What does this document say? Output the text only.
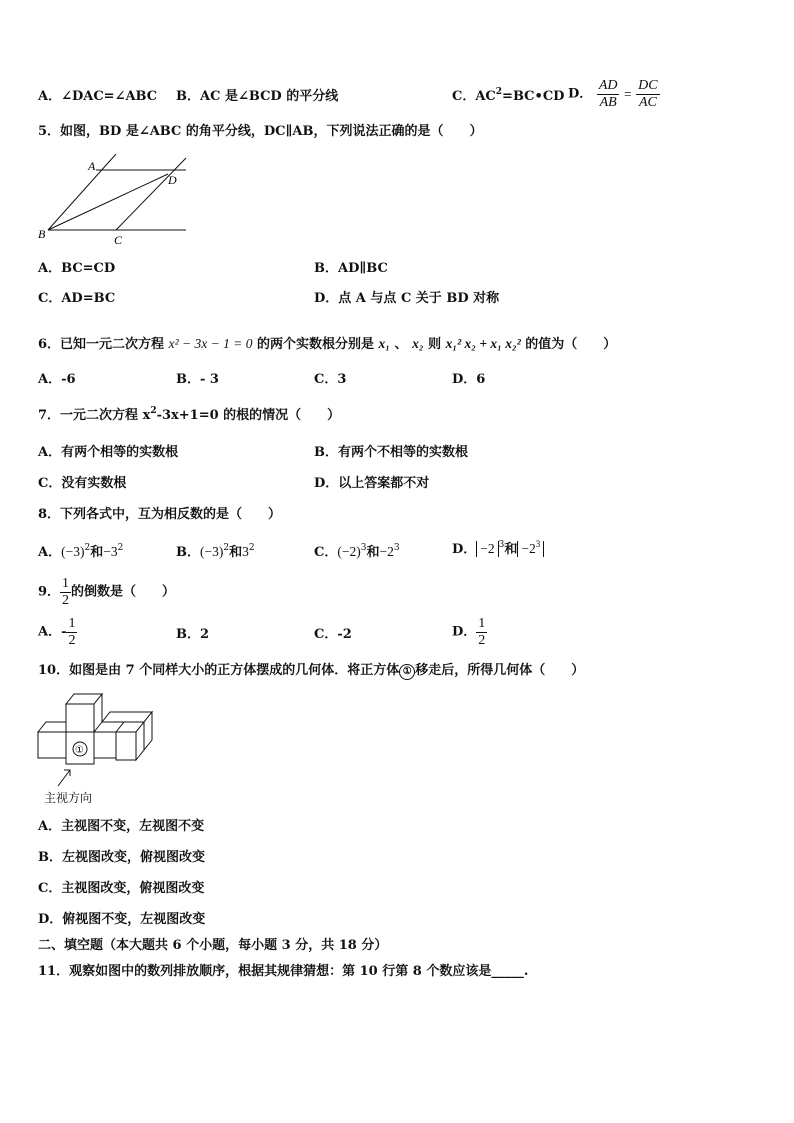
A．∠DAC=∠ABC B．AC 是∠BCD 的平分线	C．$AC^2=BC•CD$ D． $\frac{AD}{AB} = \frac{DC}{AC}$
5．如图，BD 是∠ABC 的角平分线，DC∥AB，下列说法正确的是（　　）
A
B	C
D
A．BC=CD	B．AD∥BC
C．AD=BC	D．点 A 与点 C 关于 BD 对称
6．已知一元二次方程 x² − 3x − 1 = 0 的两个实数根分别是 x₁ 、 x₂ 则 x₁² x₂ + x₁ x₂² 的值为（　　）
A．-6	B．- 3	C．3	D．6
7．一元二次方程 $x^2-3x+1=0$ 的根的情况（　　）
A．有两个相等的实数根	B．有两个不相等的实数根
C．没有实数根	D．以上答案都不对
8．下列各式中，互为相反数的是（　　）
A．$(-3)^2$和$-3^2$	B．$(-3)^2$和$3^2$	C．$(-2)^3$和$-2^3$	D． −2 $^3$和 $-2^3$
9． $\frac{1}{2}$ 的倒数是（　　）
A．- $\frac{1}{2}$	B．2	C．-2	D． $\frac{1}{2}$
10．如图是由 7 个同样大小的正方体摆成的几何体．将正方体 ① 移走后，所得几何体（　　）
①
主视方向
A．主视图不变，左视图不变
B．左视图改变，俯视图改变
C．主视图改变，俯视图改变
D．俯视图不变，左视图改变
二、填空题（本大题共 6 个小题，每小题 3 分，共 18 分）
11．观察如图中的数列排放顺序，根据其规律猜想：第 10 行第 8 个数应该是_____.
